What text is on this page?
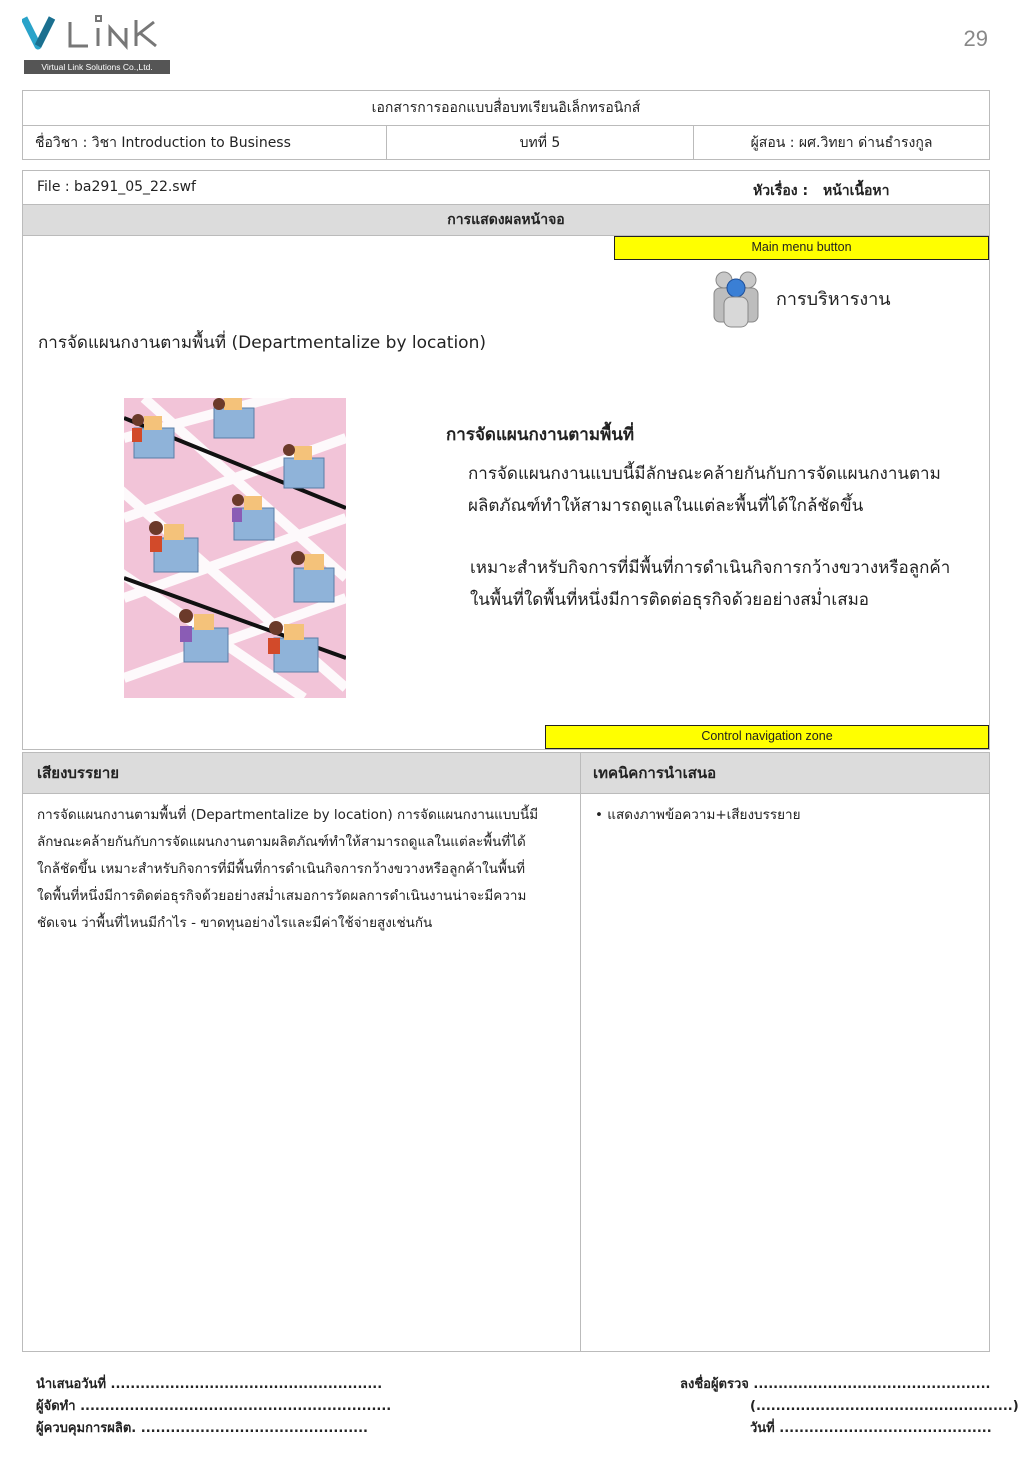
Virtual Link Solutions Co.,Ltd.
29
เอกสารการออกแบบสื่อบทเรียนอิเล็กทรอนิกส์
ชื่อวิชา : วิชา Introduction to Business	บทที่ 5	ผู้สอน : ผศ.วิทยา ด่านธำรงกูล
File : ba291_05_22.swf	หัวเรื่อง : หน้าเนื้อหา
การแสดงผลหน้าจอ
Main menu button
การบริหารงาน
การจัดแผนกงานตามพื้นที่ (Departmentalize by location)
การจัดแผนกงานตามพื้นที่
การจัดแผนกงานแบบนี้มีลักษณะคล้ายกันกับการจัดแผนกงานตาม
ผลิตภัณฑ์ทำให้สามารถดูแลในแต่ละพื้นที่ได้ใกล้ชัดขึ้น
เหมาะสำหรับกิจการที่มีพื้นที่การดำเนินกิจการกว้างขวางหรือลูกค้า
ในพื้นที่ใดพื้นที่หนึ่งมีการติดต่อธุรกิจด้วยอย่างสม่ำเสมอ
Control navigation zone
เสียงบรรยาย	เทคนิคการนำเสนอ
การจัดแผนกงานตามพื้นที่ (Departmentalize by location) การจัดแผนกงานแบบนี้มี
ลักษณะคล้ายกันกับการจัดแผนกงานตามผลิตภัณฑ์ทำให้สามารถดูแลในแต่ละพื้นที่ได้
ใกล้ชัดขึ้น เหมาะสำหรับกิจการที่มีพื้นที่การดำเนินกิจการกว้างขวางหรือลูกค้าในพื้นที่
ใดพื้นที่หนึ่งมีการติดต่อธุรกิจด้วยอย่างสม่ำเสมอการวัดผลการดำเนินงานน่าจะมีความ
ชัดเจน ว่าพื้นที่ไหนมีกำไร - ขาดทุนอย่างไรและมีค่าใช้จ่ายสูงเช่นกัน
• แสดงภาพข้อความ+เสียงบรรยาย
นำเสนอวันที่ .......................................................
ผู้จัดทำ ...............................................................
ผู้ควบคุมการผลิต. ..............................................
ลงชื่อผู้ตรวจ ................................................
(....................................................)
วันที่ ...........................................
